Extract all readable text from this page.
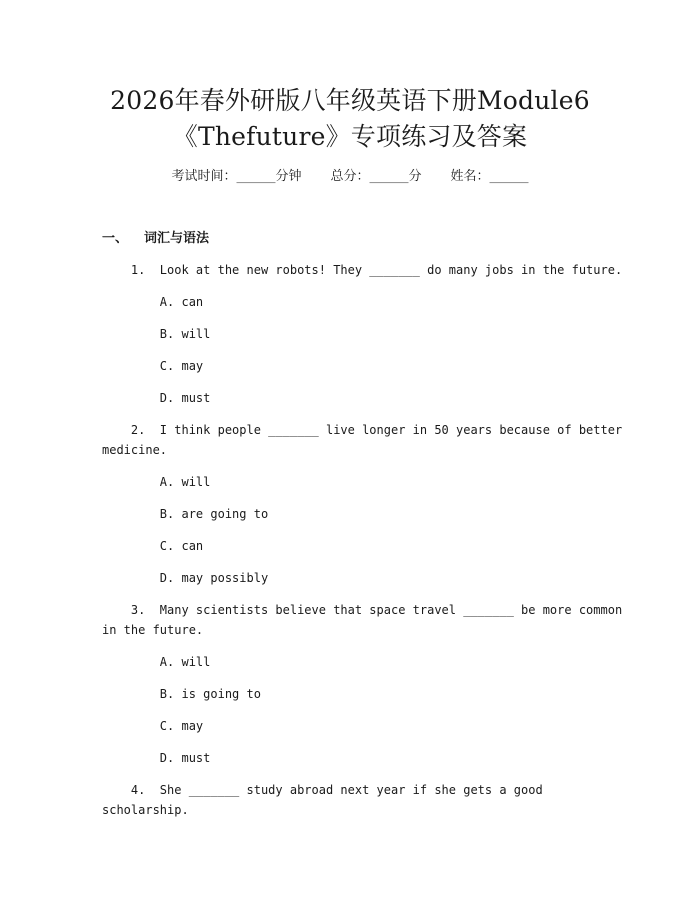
2026年春外研版八年级英语下册Module6
《Thefuture》专项练习及答案
考试时间：______分钟 总分：______分 姓名：______
一、 词汇与语法
1.  Look at the new robots! They _______ do many jobs in the future.
A. can
B. will
C. may
D. must
2.  I think people _______ live longer in 50 years because of better
medicine.
A. will
B. are going to
C. can
D. may possibly
3.  Many scientists believe that space travel _______ be more common
in the future.
A. will
B. is going to
C. may
D. must
4.  She _______ study abroad next year if she gets a good
scholarship.
